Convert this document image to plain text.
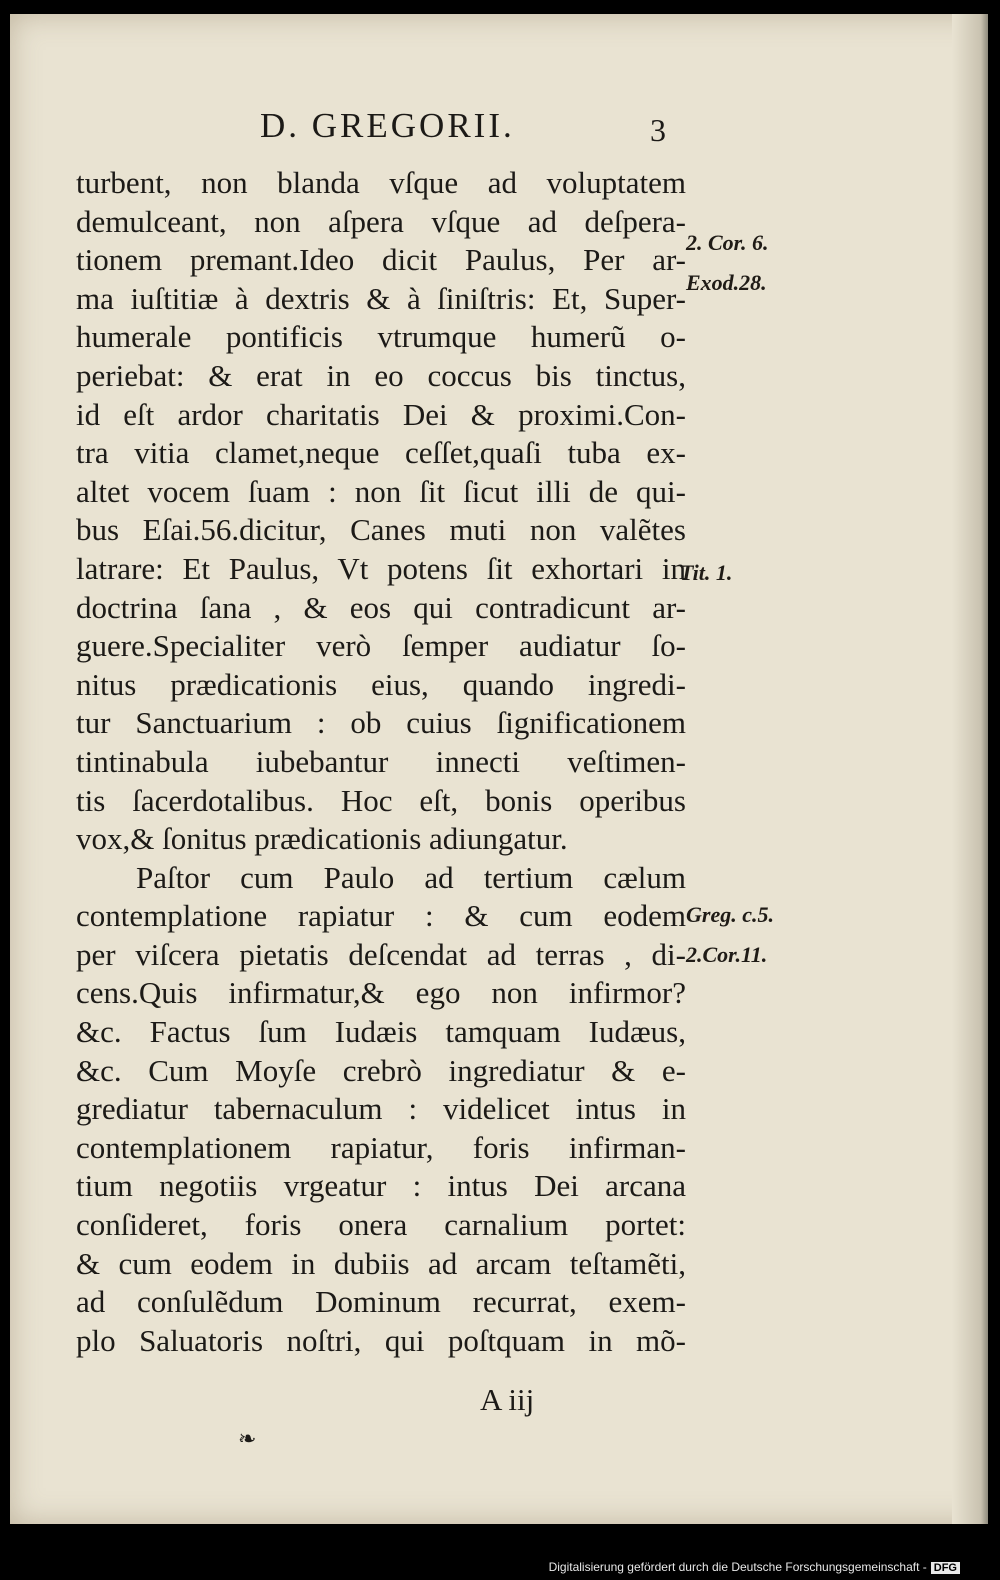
D. GREGORII.	3
turbent, non blanda vſque ad voluptatem
demulceant, non aſpera vſque ad deſpera-
tionem premant.Ideo dicit Paulus, Per ar-
ma iuſtitiæ à dextris & à ſiniſtris: Et, Super-
humerale pontificis vtrumque humerũ o-
periebat: & erat in eo coccus bis tinctus,
id eſt ardor charitatis Dei & proximi.Con-
tra vitia clamet,neque ceſſet,quaſi tuba ex-
altet vocem ſuam : non ſit ſicut illi de qui-
bus Eſai.56.dicitur, Canes muti non valẽtes
latrare: Et Paulus, Vt potens ſit exhortari in
doctrina ſana , & eos qui contradicunt ar-
guere.Specialiter verò ſemper audiatur ſo-
nitus prædicationis eius, quando ingredi-
tur Sanctuarium : ob cuius ſignificationem
tintinabula iubebantur innecti veſtimen-
tis ſacerdotalibus. Hoc eſt, bonis operibus
vox,& ſonitus prædicationis adiungatur.
Paſtor cum Paulo ad tertium cælum
contemplatione rapiatur : & cum eodem
per viſcera pietatis deſcendat ad terras , di-
cens.Quis infirmatur,& ego non infirmor?
&c. Factus ſum Iudæis tamquam Iudæus,
&c. Cum Moyſe crebrò ingrediatur & e-
grediatur tabernaculum : videlicet intus in
contemplationem rapiatur, foris infirman-
tium negotiis vrgeatur : intus Dei arcana
conſideret, foris onera carnalium portet:
& cum eodem in dubiis ad arcam teſtamẽti,
ad conſulẽdum Dominum recurrat, exem-
plo Saluatoris noſtri, qui poſtquam in mõ-
2. Cor. 6.
Exod.28.
Tit. 1.
Greg. c.5.
2.Cor.11.
A iij
❧
Digitalisierung gefördert durch die Deutsche Forschungsgemeinschaft - DFG
